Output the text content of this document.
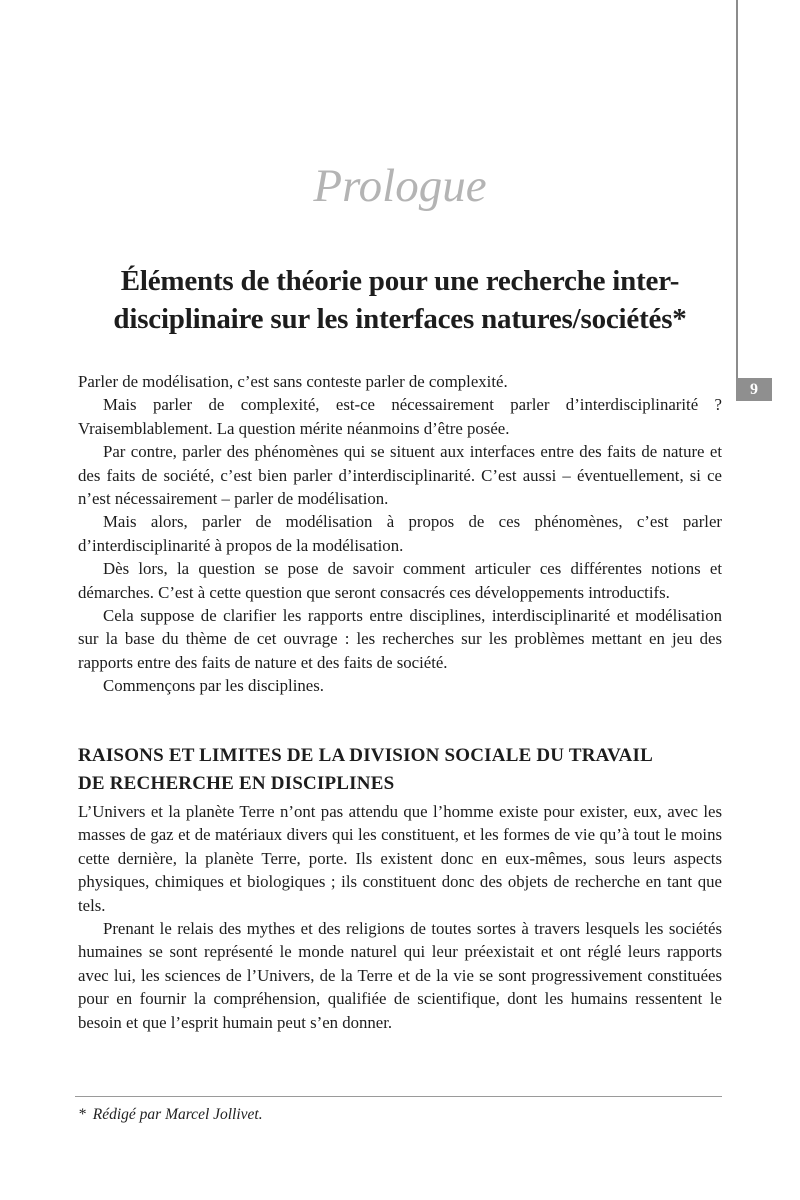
9
Prologue
Éléments de théorie pour une recherche inter-
disciplinaire sur les interfaces natures/sociétés*

Parler de modélisation, c’est sans conteste parler de complexité.

Mais parler de complexité, est-ce nécessairement parler d’interdisciplinarité ? Vraisemblablement. La question mérite néanmoins d’être posée.

Par contre, parler des phénomènes qui se situent aux interfaces entre des faits de nature et des faits de société, c’est bien parler d’interdisciplinarité. C’est aussi – éventuellement, si ce n’est nécessairement – parler de modélisation.

Mais alors, parler de modélisation à propos de ces phénomènes, c’est parler d’interdisciplinarité à propos de la modélisation.

Dès lors, la question se pose de savoir comment articuler ces différentes notions et démarches. C’est à cette question que seront consacrés ces développements introductifs.

Cela suppose de clarifier les rapports entre disciplines, interdisciplinarité et modélisation sur la base du thème de cet ouvrage : les recherches sur les problèmes mettant en jeu des rapports entre des faits de nature et des faits de société.

Commençons par les disciplines.

RAISONS ET LIMITES DE LA DIVISION SOCIALE DU TRAVAIL
DE RECHERCHE EN DISCIPLINES

L’Univers et la planète Terre n’ont pas attendu que l’homme existe pour exister, eux, avec les masses de gaz et de matériaux divers qui les constituent, et les formes de vie qu’à tout le moins cette dernière, la planète Terre, porte. Ils existent donc en eux-mêmes, sous leurs aspects physiques, chimiques et biologiques ; ils constituent donc des objets de recherche en tant que tels.

Prenant le relais des mythes et des religions de toutes sortes à travers lesquels les sociétés humaines se sont représenté le monde naturel qui leur préexistait et ont réglé leurs rapports avec lui, les sciences de l’Univers, de la Terre et de la vie se sont progressivement constituées pour en fournir la compréhension, qualifiée de scientifique, dont les humains ressentent le besoin et que l’esprit humain peut s’en donner.

* Rédigé par Marcel Jollivet.
